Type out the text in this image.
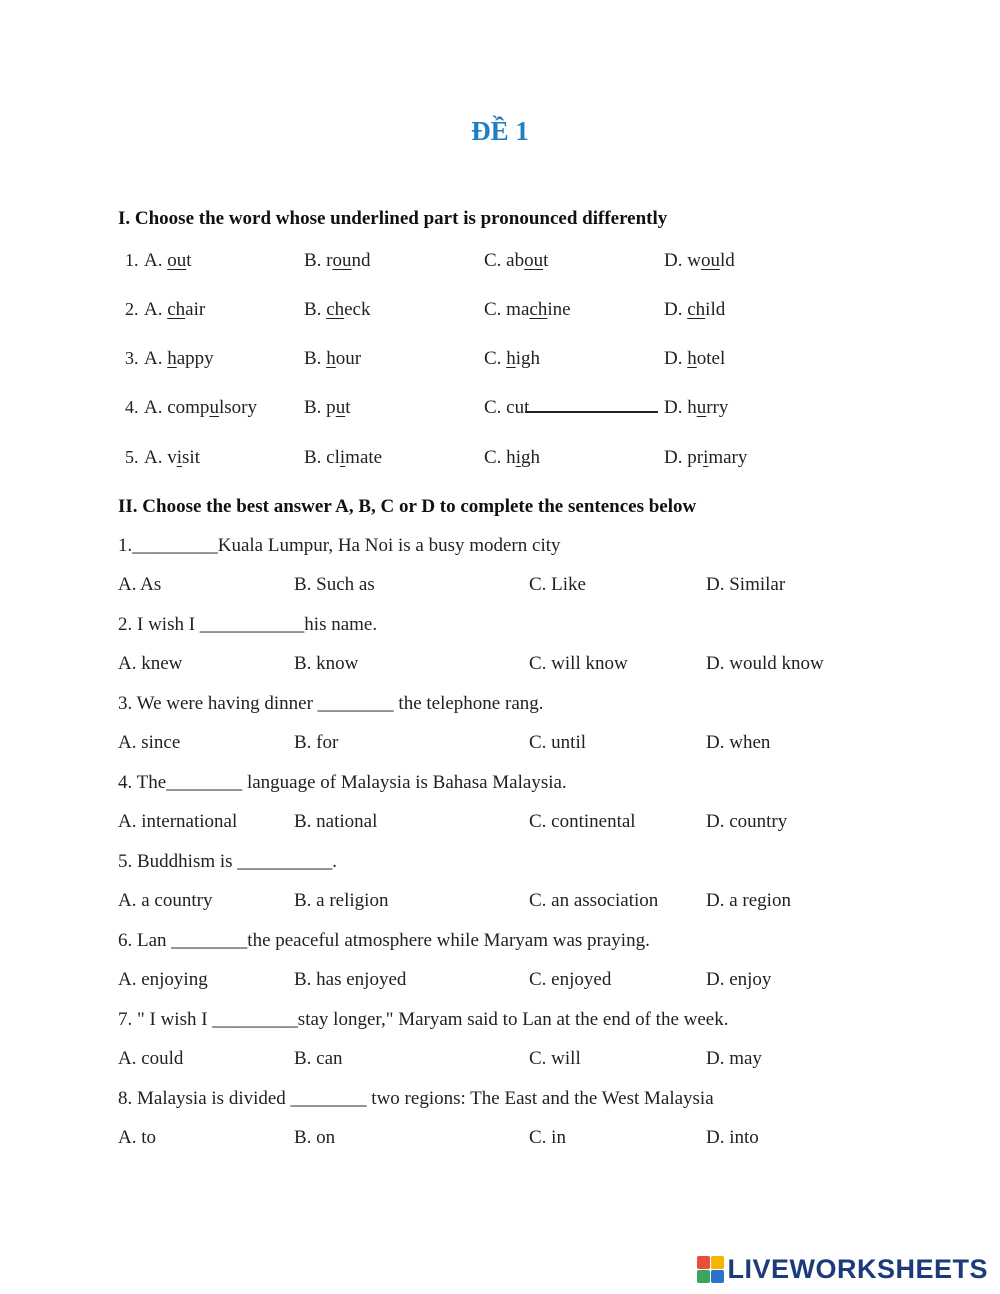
ĐỀ 1
I. Choose the word whose underlined part is pronounced differently
1. A. out	B. round	C. about	D. would
2. A. chair	B. check	C. machine	D. child
3. A. happy	B. hour	C. high	D. hotel
4. A. compulsory B. put	C. cut	D. hurry
5. A. visit	B. climate	C. high	D. primary
II. Choose the best answer A, B, C or D to complete the sentences below
1._________Kuala Lumpur, Ha Noi is a busy modern city
A. As	B. Such as	C. Like	D. Similar
2. I wish I ___________his name.
A. knew	B. know	C. will know	D. would know
3. We were having dinner ________ the telephone rang.
A. since	B. for	C. until	D. when
4. The________ language of Malaysia is Bahasa Malaysia.
A. international	B. national	C. continental	D. country
5. Buddhism is __________.
A. a country	B. a religion	C. an association	D. a region
6. Lan ________the peaceful atmosphere while Maryam was praying.
A. enjoying	B. has enjoyed	C. enjoyed	D. enjoy
7. " I wish I _________stay longer," Maryam said to Lan at the end of the week.
A. could	B. can	C. will	D. may
8. Malaysia is divided ________ two regions: The East and the West Malaysia
A. to	B. on	C. in	D. into
LIVEWORKSHEETS
